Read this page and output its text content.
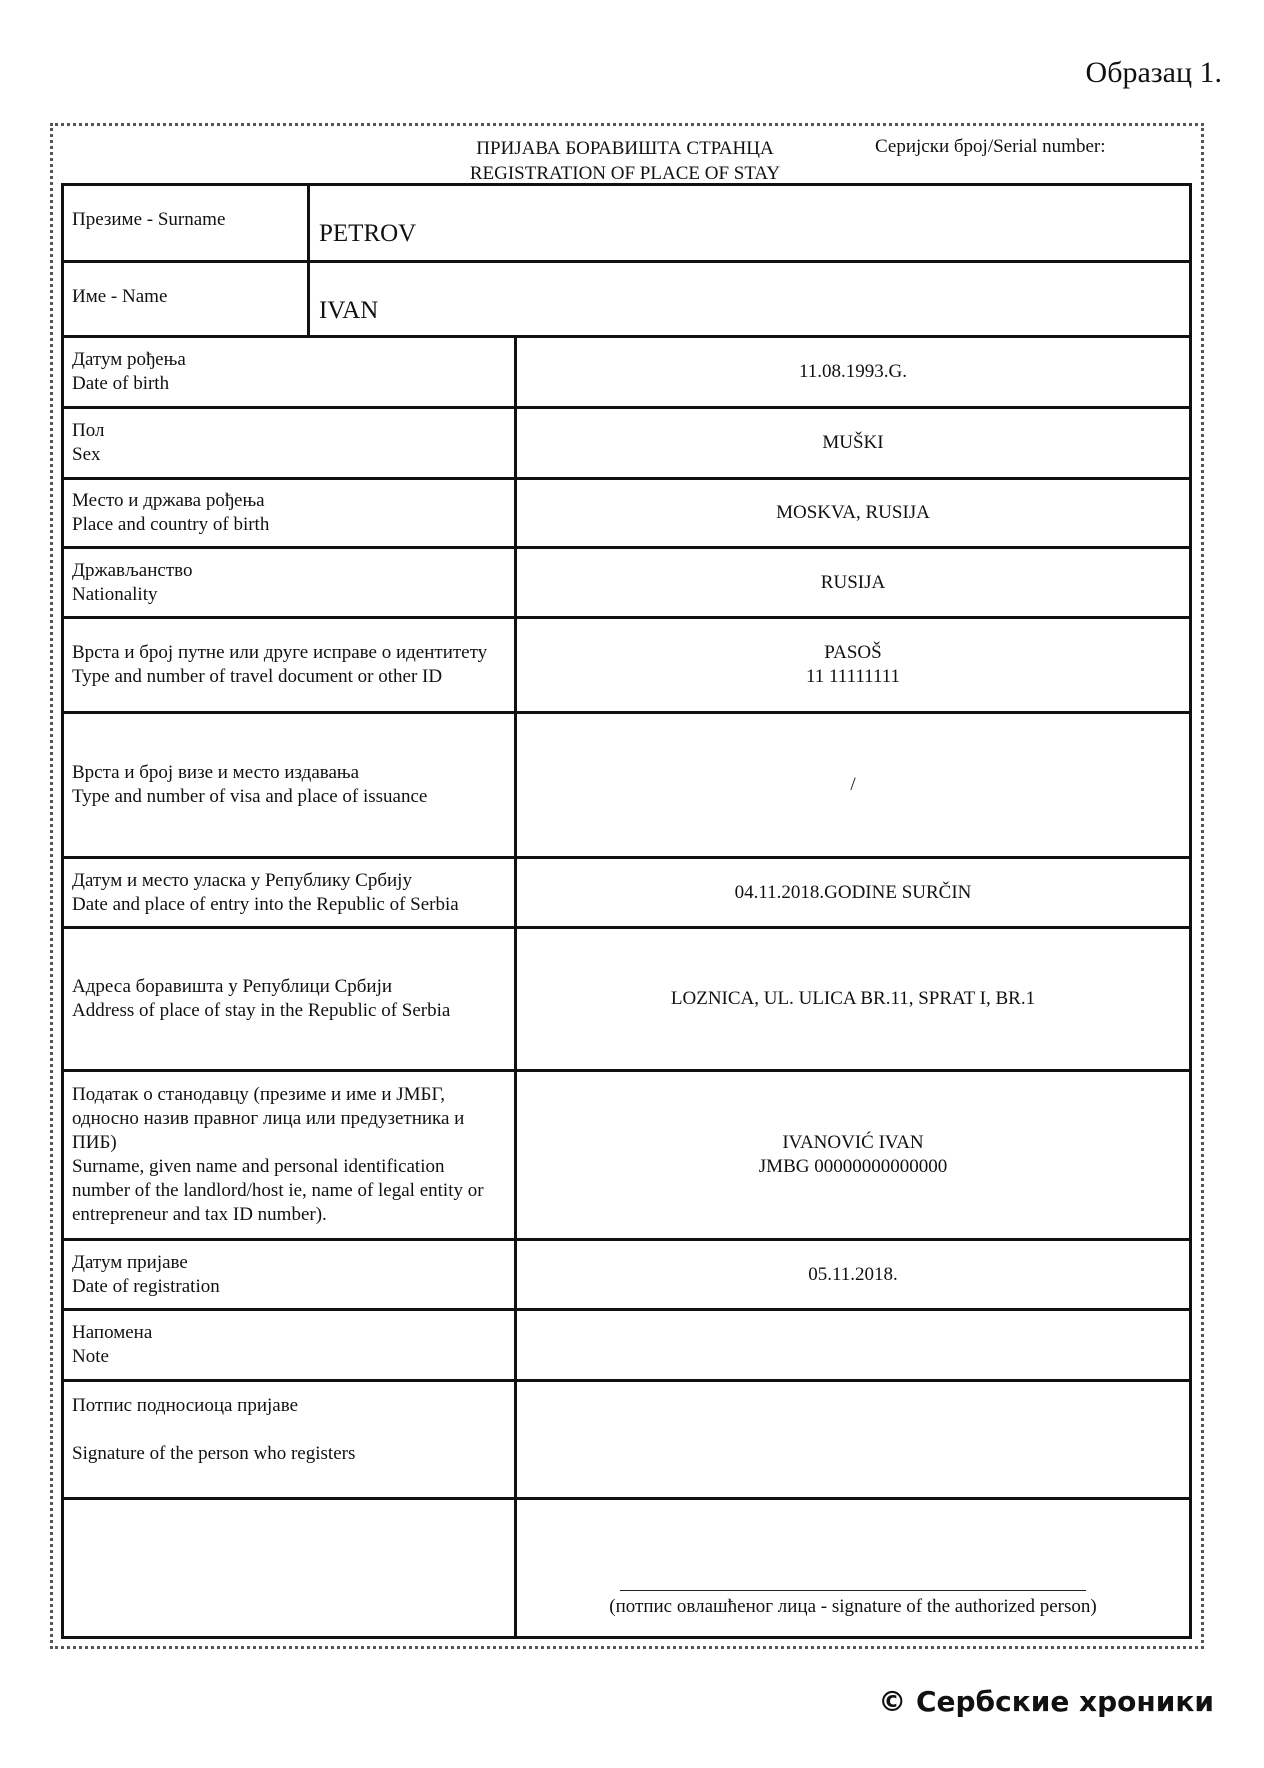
Образац 1.
ПРИЈАВА БОРАВИШТА СТРАНЦА
REGISTRATION OF PLACE OF STAY
Серијски број/Serial number:
Презиме - Surname
PETROV
Име - Name
IVAN
Датум рођења
Date of birth
11.08.1993.G.
Пол
Sex
MUŠKI
Место и држава рођења
Place and country of birth
MOSKVA, RUSIJA
Држављанство
Nationality
RUSIJA
Врста и број путне или друге исправе о идентитету
Type and number of travel document or other ID
PASOŠ
11 11111111
Врста и број визе и место издавања
Type and number of visa and place of issuance
/
Датум и место уласка у Републику Србију
Date and place of entry into the Republic of Serbia
04.11.2018.GODINE SURČIN
Адреса боравишта у Републици Србији
Address of place of stay in the Republic of Serbia
LOZNICA, UL. ULICA BR.11, SPRAT I, BR.1
Податак о станодавцу (презиме и име и ЈМБГ, односно назив правног лица или предузетника и ПИБ)
Surname, given name and personal identification number of the landlord/host ie, name of legal entity or entrepreneur and tax ID number).
IVANOVIĆ IVAN
JMBG 00000000000000
Датум пријаве
Date of registration
05.11.2018.
Напомена
Note
Потпис подносиоца пријаве
Signature of the person who registers
(потпис овлашћеног лица - signature of the authorized person)
© Сербские хроники
